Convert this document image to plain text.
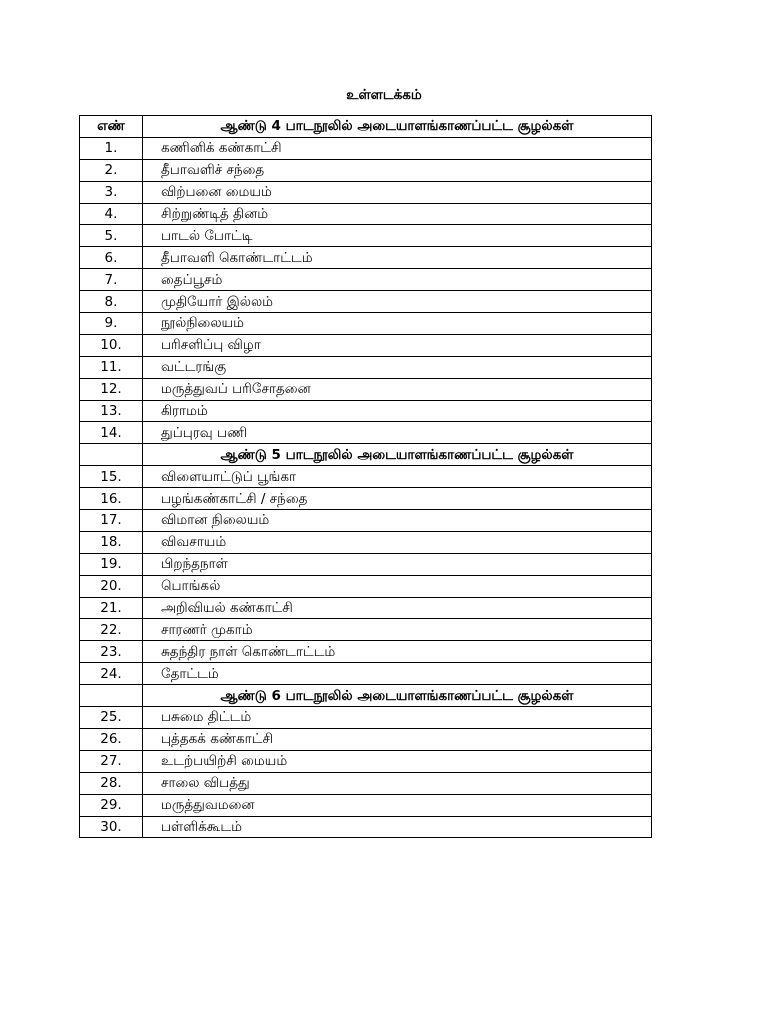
உள்ளடக்கம்
எண்	ஆண்டு 4 பாடநூலில் அடையாளங்காணப்பட்ட சூழல்கள்
1.	கணினிக் கண்காட்சி
2.	தீபாவளிச் சந்தை
3.	விற்பனை மையம்
4.	சிற்றுண்டித் தினம்
5.	பாடல் போட்டி
6.	தீபாவளி கொண்டாட்டம்
7.	தைப்பூசம்
8.	முதியோர் இல்லம்
9.	நூல்நிலையம்
10.	பரிசளிப்பு விழா
11.	வட்டரங்கு
12.	மருத்துவப் பரிசோதனை
13.	கிராமம்
14.	துப்புரவு பணி
	ஆண்டு 5 பாடநூலில் அடையாளங்காணப்பட்ட சூழல்கள்
15.	விளையாட்டுப் பூங்கா
16.	பழங்கண்காட்சி / சந்தை
17.	விமான நிலையம்
18.	விவசாயம்
19.	பிறந்தநாள்
20.	பொங்கல்
21.	அறிவியல் கண்காட்சி
22.	சாரணர் முகாம்
23.	சுதந்திர நாள் கொண்டாட்டம்
24.	தோட்டம்
	ஆண்டு 6 பாடநூலில் அடையாளங்காணப்பட்ட சூழல்கள்
25.	பசுமை திட்டம்
26.	புத்தகக் கண்காட்சி
27.	உடற்பயிற்சி மையம்
28.	சாலை விபத்து
29.	மருத்துவமனை
30.	பள்ளிக்கூடம்
